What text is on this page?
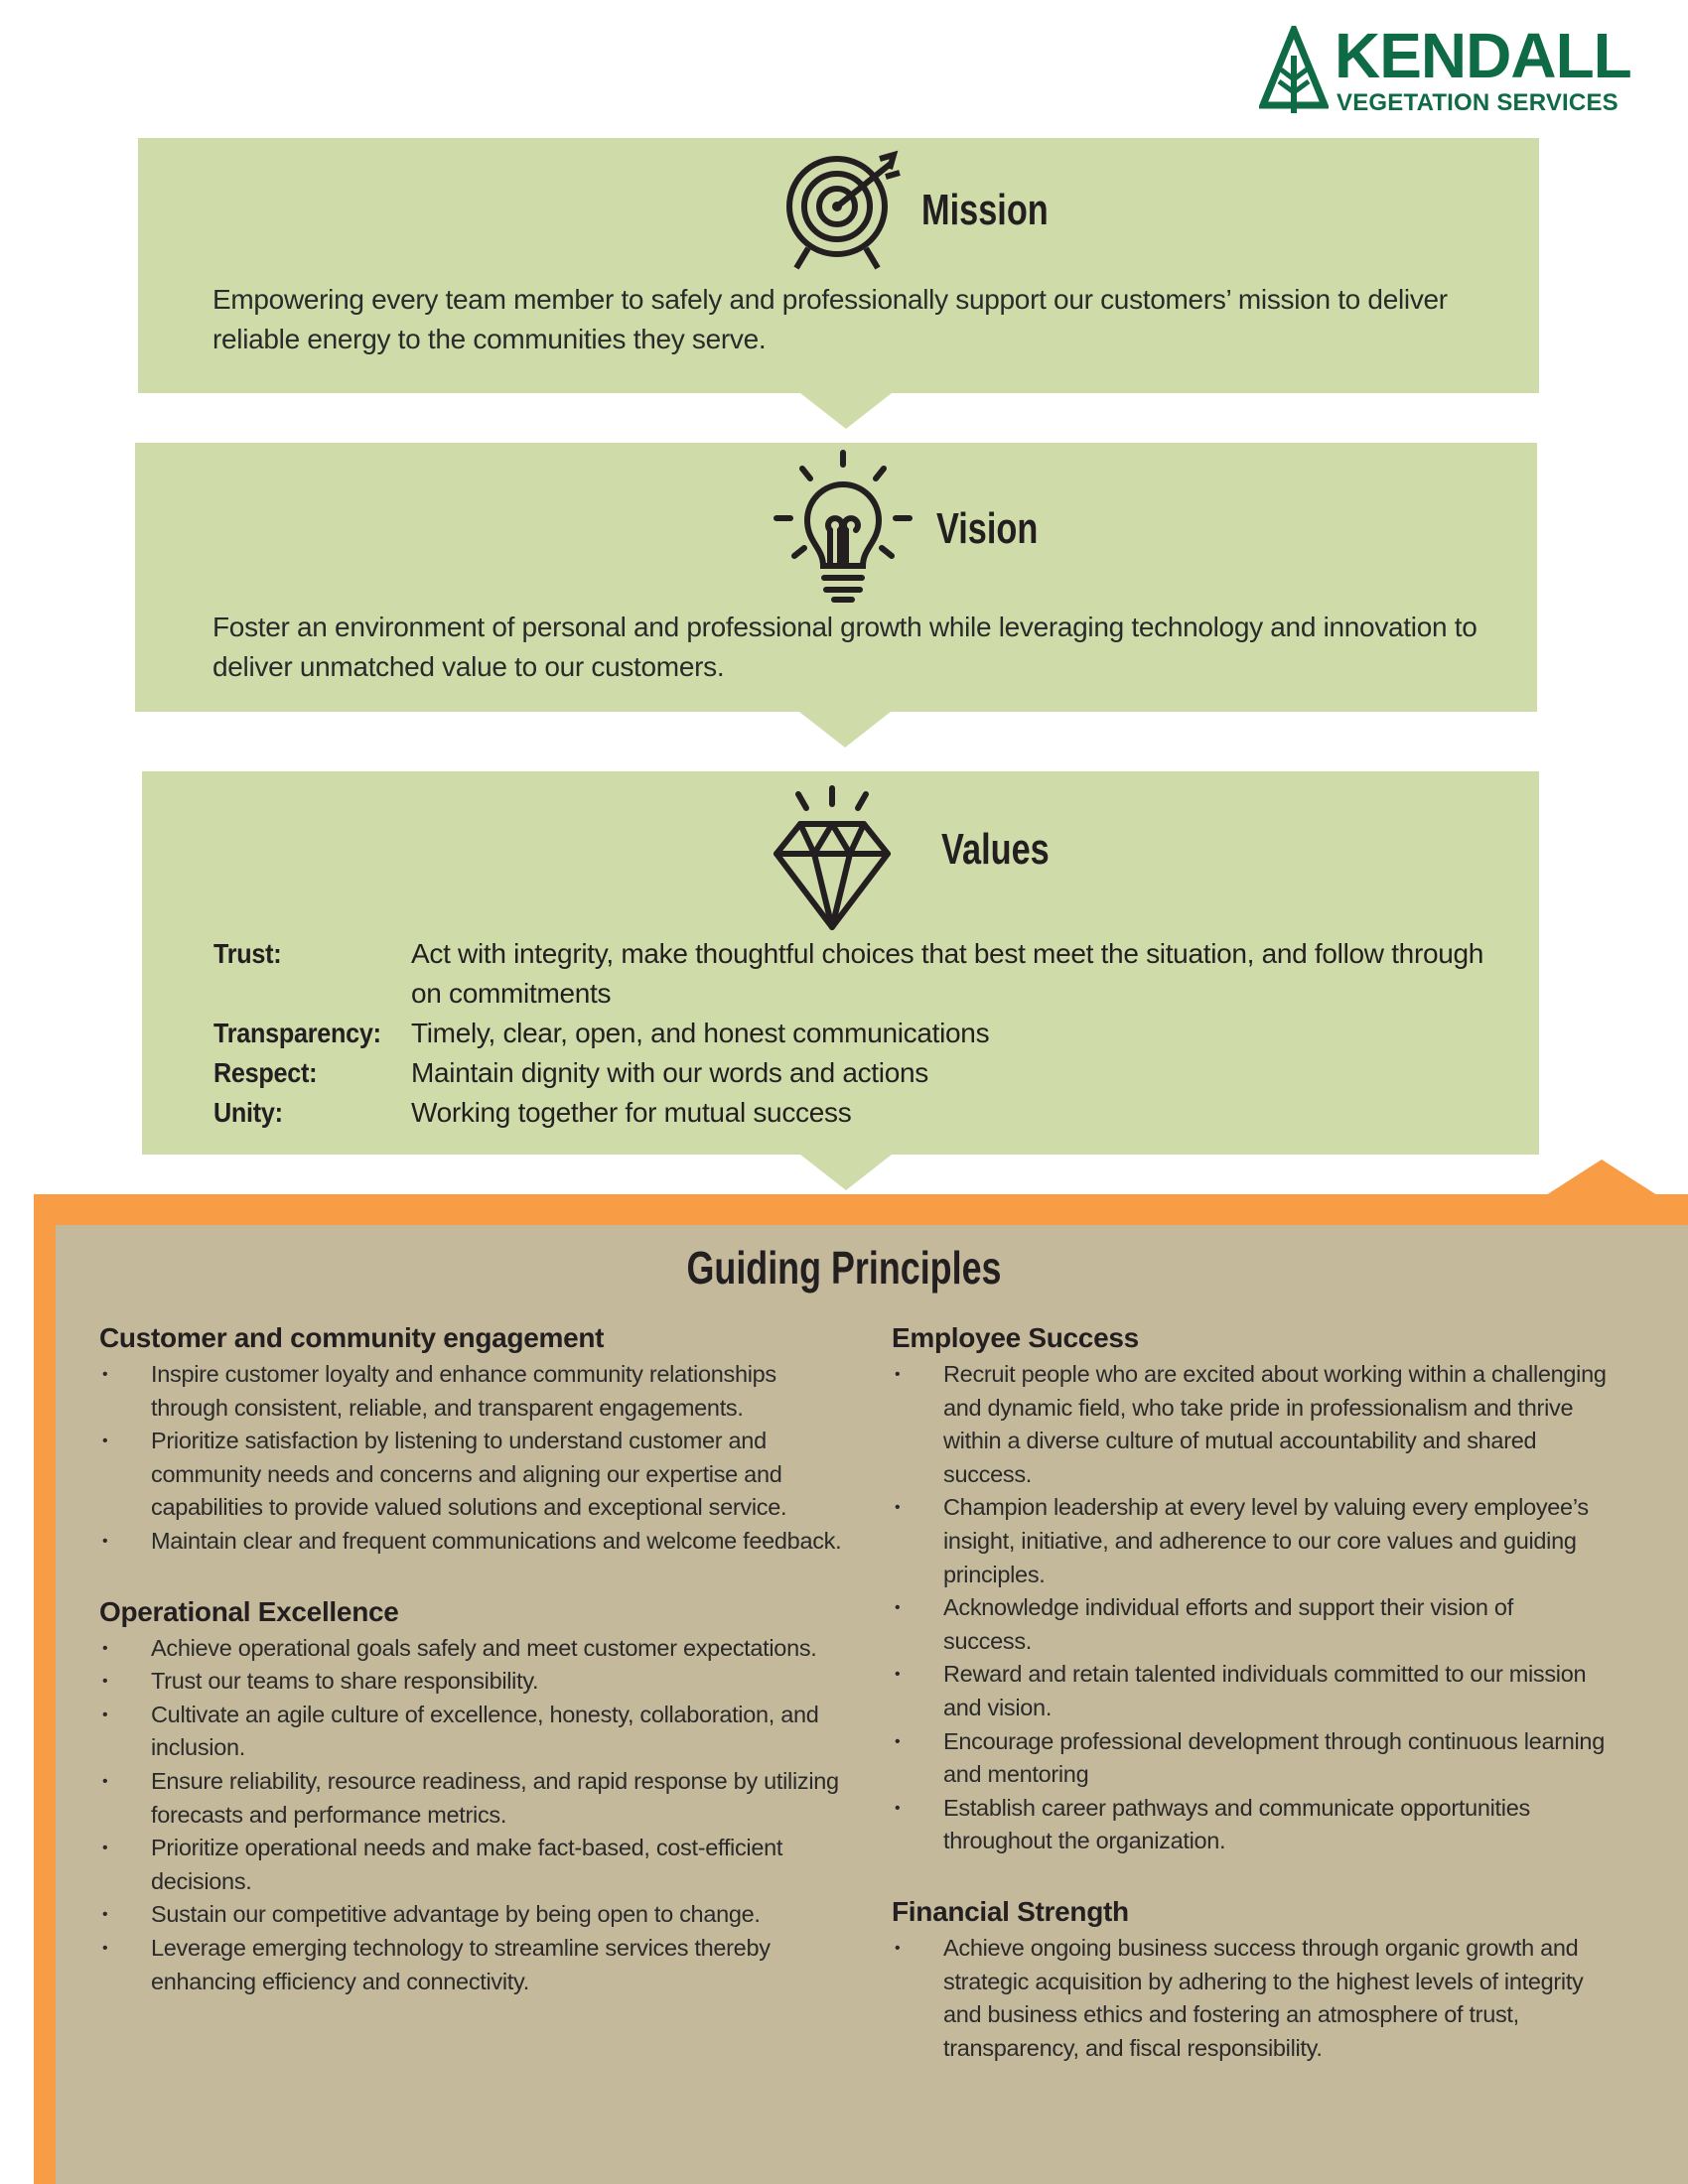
KENDALL
VEGETATION SERVICES
Mission
Empowering every team member to safely and professionally support our customers’ mission to deliver reliable energy to the communities they serve.
Vision
Foster an environment of personal and professional growth while leveraging technology and innovation to deliver unmatched value to our customers.
Values
Trust:	Act with integrity, make thoughtful choices that best meet the situation, and follow through on commitments
Transparency:	Timely, clear, open, and honest communications
Respect:	Maintain dignity with our words and actions
Unity:	Working together for mutual success
Guiding Principles
Customer and community engagement
• Inspire customer loyalty and enhance community relationships through consistent, reliable, and transparent engagements.
• Prioritize satisfaction by listening to understand customer and community needs and concerns and aligning our expertise and capabilities to provide valued solutions and exceptional service.
• Maintain clear and frequent communications and welcome feedback.
Operational Excellence
• Achieve operational goals safely and meet customer expectations.
• Trust our teams to share responsibility.
• Cultivate an agile culture of excellence, honesty, collaboration, and inclusion.
• Ensure reliability, resource readiness, and rapid response by utilizing forecasts and performance metrics.
• Prioritize operational needs and make fact-based, cost-efficient decisions.
• Sustain our competitive advantage by being open to change.
• Leverage emerging technology to streamline services thereby enhancing efficiency and connectivity.
Employee Success
• Recruit people who are excited about working within a challenging and dynamic field, who take pride in professionalism and thrive within a diverse culture of mutual accountability and shared success.
• Champion leadership at every level by valuing every employee’s insight, initiative, and adherence to our core values and guiding principles.
• Acknowledge individual efforts and support their vision of success.
• Reward and retain talented individuals committed to our mission and vision.
• Encourage professional development through continuous learning and mentoring
• Establish career pathways and communicate opportunities throughout the organization.
Financial Strength
• Achieve ongoing business success through organic growth and strategic acquisition by adhering to the highest levels of integrity and business ethics and fostering an atmosphere of trust, transparency, and fiscal responsibility.
